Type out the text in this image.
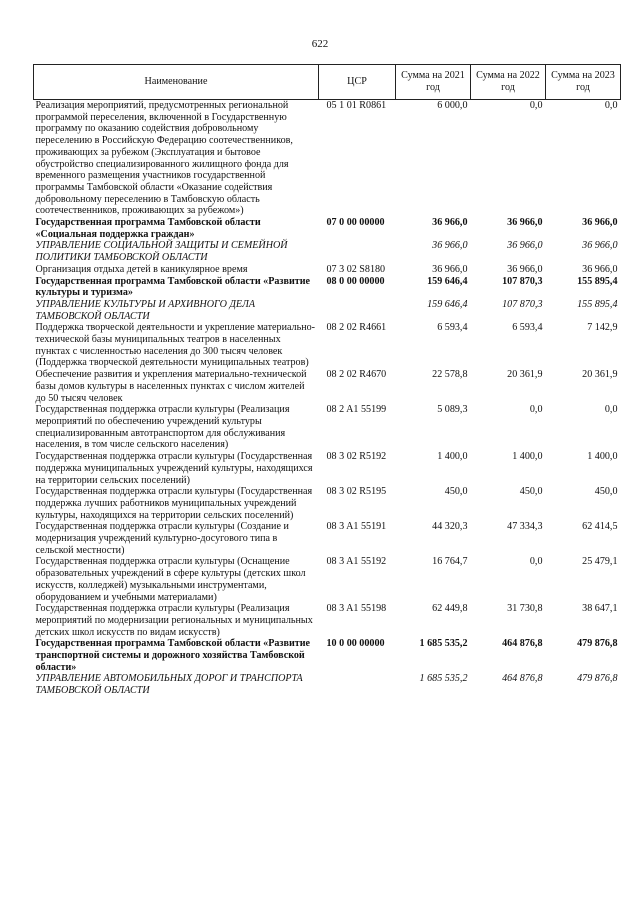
622
Наименование	ЦСР	Сумма на 2021 год	Сумма на 2022 год	Сумма на 2023 год
Реализация мероприятий, предусмотренных региональной программой переселения, включенной в Государственную программу по оказанию содействия добровольному переселению в Российскую Федерацию соотечественников, проживающих за рубежом (Эксплуатация и бытовое обустройство специализированного жилищного фонда для временного размещения участников государственной программы Тамбовской области «Оказание содействия добровольному переселению в Тамбовскую область соотечественников, проживающих за рубежом»)	05 1 01 R0861	6 000,0	0,0	0,0
Государственная программа Тамбовской области «Социальная поддержка граждан»	07 0 00 00000	36 966,0	36 966,0	36 966,0
УПРАВЛЕНИЕ СОЦИАЛЬНОЙ ЗАЩИТЫ И СЕМЕЙНОЙ ПОЛИТИКИ ТАМБОВСКОЙ ОБЛАСТИ		36 966,0	36 966,0	36 966,0
Организация отдыха детей в каникулярное время	07 3 02 S8180	36 966,0	36 966,0	36 966,0
Государственная программа Тамбовской области «Развитие культуры и туризма»	08 0 00 00000	159 646,4	107 870,3	155 895,4
УПРАВЛЕНИЕ КУЛЬТУРЫ И АРХИВНОГО ДЕЛА ТАМБОВСКОЙ ОБЛАСТИ		159 646,4	107 870,3	155 895,4
Поддержка творческой деятельности и укрепление материально-технической базы муниципальных театров в населенных пунктах с численностью населения до 300 тысяч человек (Поддержка творческой деятельности муниципальных театров)	08 2 02 R4661	6 593,4	6 593,4	7 142,9
Обеспечение развития и укрепления материально-технической базы домов культуры в населенных пунктах с числом жителей до 50 тысяч человек	08 2 02 R4670	22 578,8	20 361,9	20 361,9
Государственная поддержка отрасли культуры (Реализация мероприятий по обеспечению учреждений культуры специализированным автотранспортом для обслуживания населения, в том числе сельского населения)	08 2 A1 55199	5 089,3	0,0	0,0
Государственная поддержка отрасли культуры (Государственная поддержка муниципальных учреждений культуры, находящихся на территории сельских поселений)	08 3 02 R5192	1 400,0	1 400,0	1 400,0
Государственная поддержка отрасли культуры (Государственная поддержка лучших работников муниципальных учреждений культуры, находящихся на территории сельских поселений)	08 3 02 R5195	450,0	450,0	450,0
Государственная поддержка отрасли культуры (Создание и модернизация учреждений культурно-досугового типа в сельской местности)	08 3 A1 55191	44 320,3	47 334,3	62 414,5
Государственная поддержка отрасли культуры (Оснащение образовательных учреждений в сфере культуры (детских школ искусств, колледжей) музыкальными инструментами, оборудованием и учебными материалами)	08 3 A1 55192	16 764,7	0,0	25 479,1
Государственная поддержка отрасли культуры (Реализация мероприятий по модернизации региональных и муниципальных детских школ искусств по видам искусств)	08 3 A1 55198	62 449,8	31 730,8	38 647,1
Государственная программа Тамбовской области «Развитие транспортной системы и дорожного хозяйства Тамбовской области»	10 0 00 00000	1 685 535,2	464 876,8	479 876,8
УПРАВЛЕНИЕ АВТОМОБИЛЬНЫХ ДОРОГ И ТРАНСПОРТА ТАМБОВСКОЙ ОБЛАСТИ		1 685 535,2	464 876,8	479 876,8
